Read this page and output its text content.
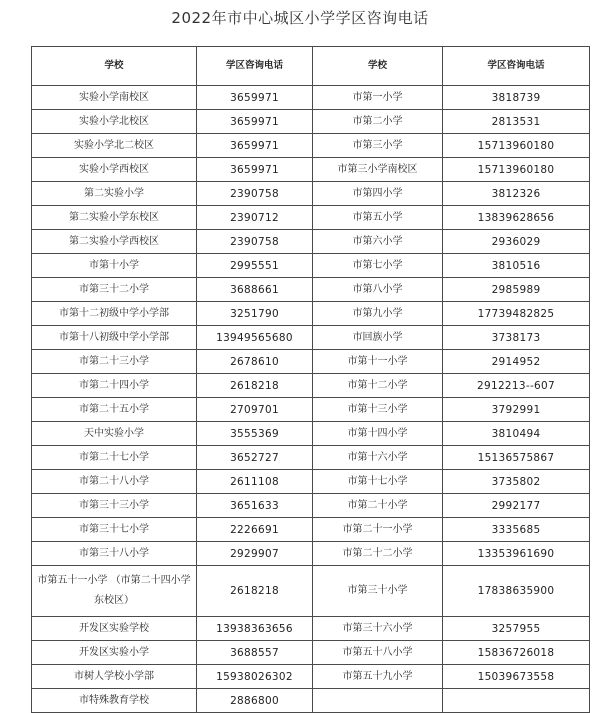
2022年市中心城区小学学区咨询电话
学校	学区咨询电话	学校	学区咨询电话
实验小学南校区	3659971	市第一小学	3818739
实验小学北校区	3659971	市第二小学	2813531
实验小学北二校区	3659971	市第三小学	15713960180
实验小学西校区	3659971	市第三小学南校区	15713960180
第二实验小学	2390758	市第四小学	3812326
第二实验小学东校区	2390712	市第五小学	13839628656
第二实验小学西校区	2390758	市第六小学	2936029
市第十小学	2995551	市第七小学	3810516
市第三十二小学	3688661	市第八小学	2985989
市第十二初级中学小学部	3251790	市第九小学	17739482825
市第十八初级中学小学部	13949565680	市回族小学	3738173
市第二十三小学	2678610	市第十一小学	2914952
市第二十四小学	2618218	市第十二小学	2912213--607
市第二十五小学	2709701	市第十三小学	3792991
天中实验小学	3555369	市第十四小学	3810494
市第二十七小学	3652727	市第十六小学	15136575867
市第二十八小学	2611108	市第十七小学	3735802
市第三十三小学	3651633	市第二十小学	2992177
市第三十七小学	2226691	市第二十一小学	3335685
市第三十八小学	2929907	市第二十二小学	13353961690
市第五十一小学 （市第二十四小学东校区）	2618218	市第三十小学	17838635900
开发区实验学校	13938363656	市第三十六小学	3257955
开发区实验小学	3688557	市第五十八小学	15836726018
市树人学校小学部	15938026302	市第五十九小学	15039673558
市特殊教育学校	2886800		
